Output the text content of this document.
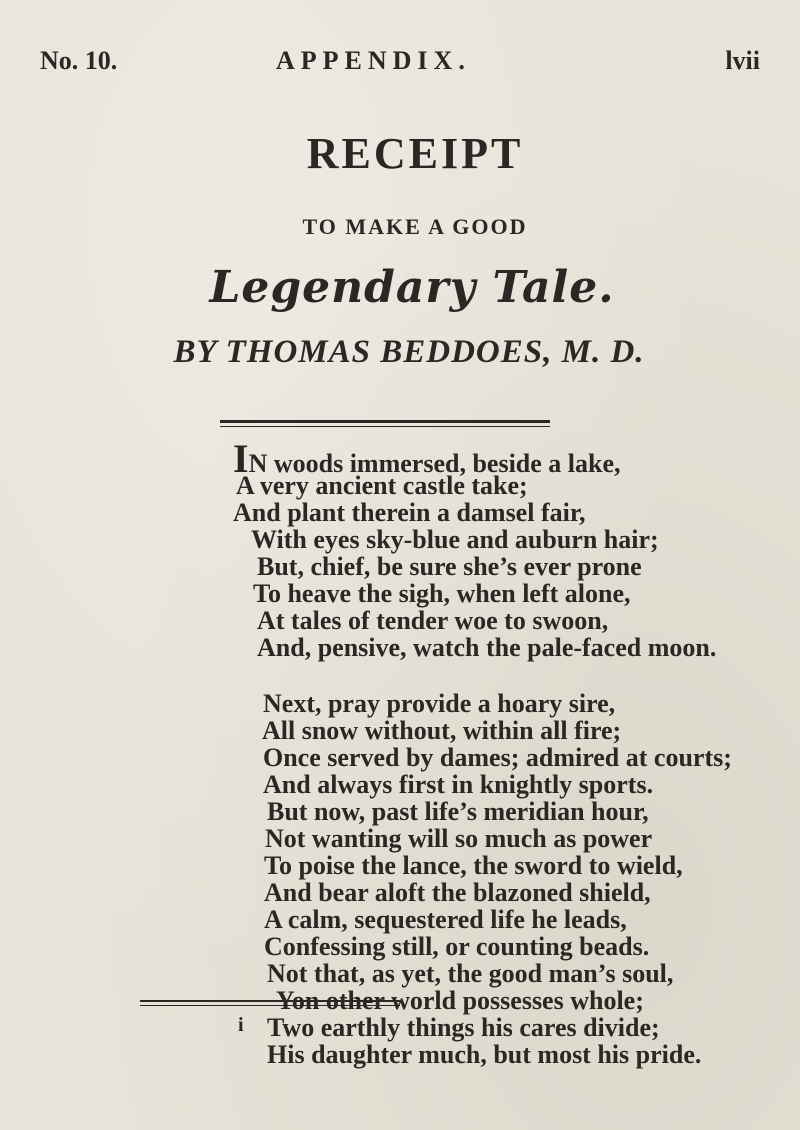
No. 10.	APPENDIX.	lvii
RECEIPT
TO MAKE A GOOD
Legendary Tale.
BY THOMAS BEDDOES, M. D.
IN woods immersed, beside a lake,
A very ancient castle take;
And plant therein a damsel fair,
With eyes sky-blue and auburn hair;
But, chief, be sure she’s ever prone
To heave the sigh, when left alone,
At tales of tender woe to swoon,
And, pensive, watch the pale-faced moon.
Next, pray provide a hoary sire,
All snow without, within all fire;
Once served by dames; admired at courts;
And always first in knightly sports.
But now, past life’s meridian hour,
Not wanting will so much as power
To poise the lance, the sword to wield,
And bear aloft the blazoned shield,
A calm, sequestered life he leads,
Confessing still, or counting beads.
Not that, as yet, the good man’s soul,
Yon other world possesses whole;
Two earthly things his cares divide;
His daughter much, but most his pride.
i
